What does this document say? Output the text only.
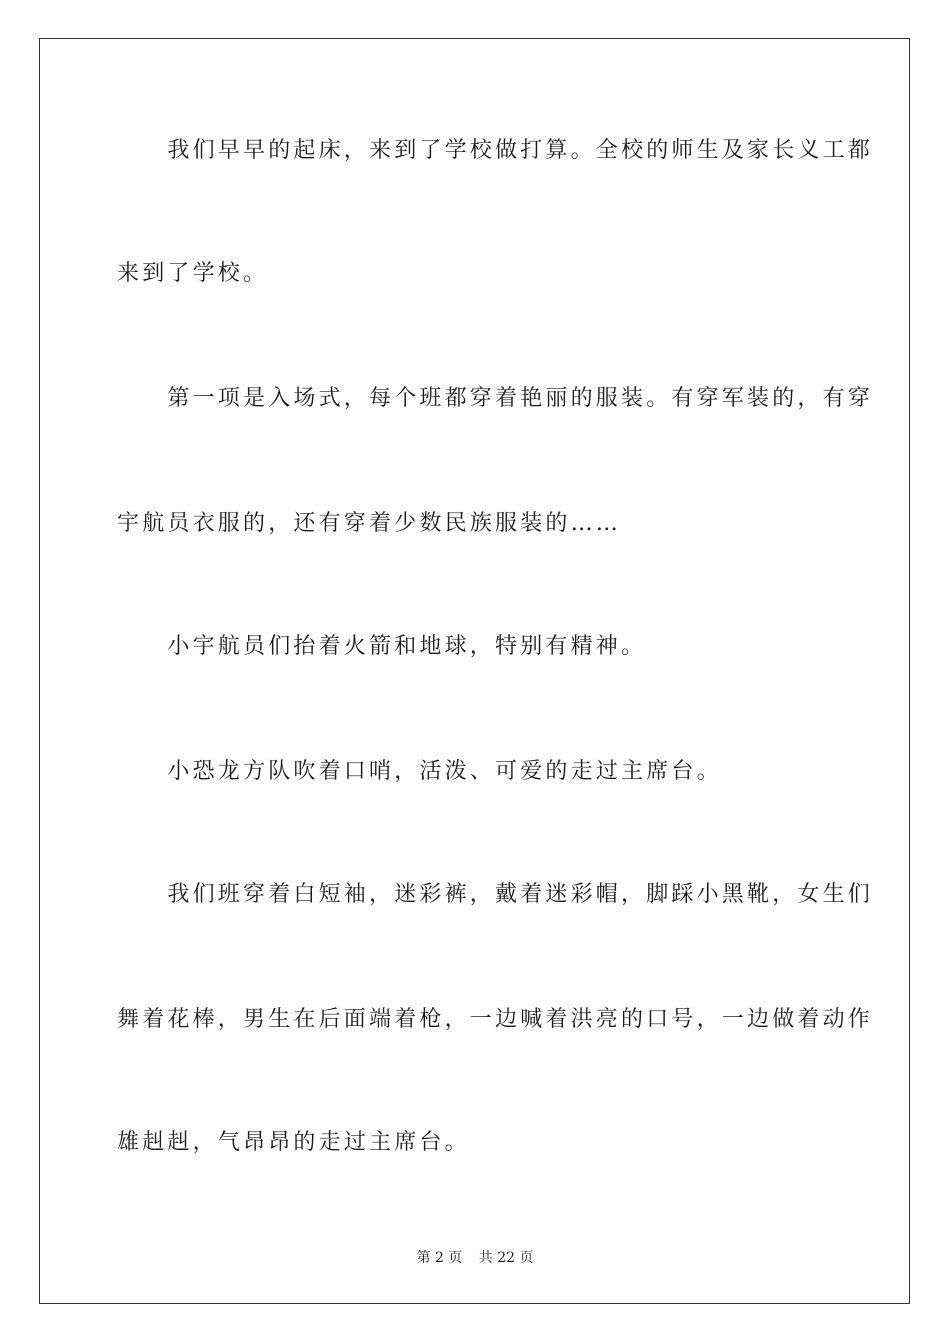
　　我们早早的起床，来到了学校做打算。全校的师生及家长义工都
来到了学校。
　　第一项是入场式，每个班都穿着艳丽的服装。有穿军装的，有穿
宇航员衣服的，还有穿着少数民族服装的……
　　小宇航员们抬着火箭和地球，特别有精神。
　　小恐龙方队吹着口哨，活泼、可爱的走过主席台。
　　我们班穿着白短袖，迷彩裤，戴着迷彩帽，脚踩小黑靴，女生们
舞着花棒，男生在后面端着枪，一边喊着洪亮的口号，一边做着动作
雄赳赳，气昂昂的走过主席台。
第 2 页 共 22 页
